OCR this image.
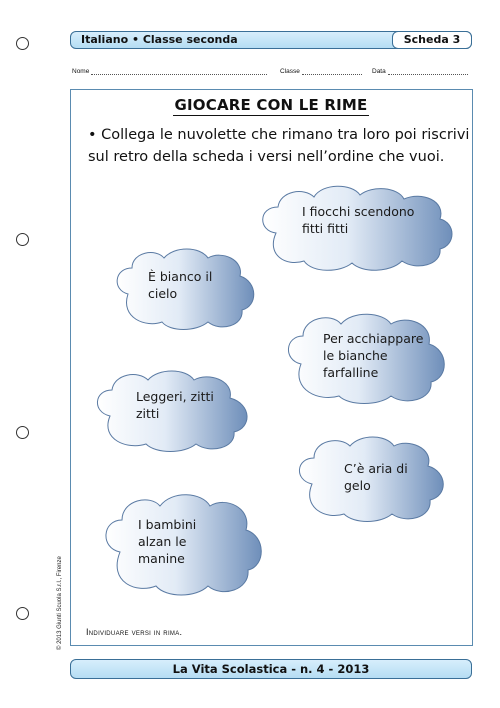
Italiano • Classe seconda	Scheda 3
Nome	Classe	Data
GIOCARE CON LE RIME
• Collega le nuvolette che rimano tra loro poi riscrivi sul retro della scheda i versi nell’ordine che vuoi.
I fiocchi scendono fitti fitti
È bianco il cielo
Per acchiappare le bianche farfalline
Leggeri, zitti zitti
C’è aria di gelo
I bambini alzan le manine
Individuare versi in rima.
© 2013 Giunti Scuola S.r.l., Firenze
La Vita Scolastica - n. 4 - 2013
